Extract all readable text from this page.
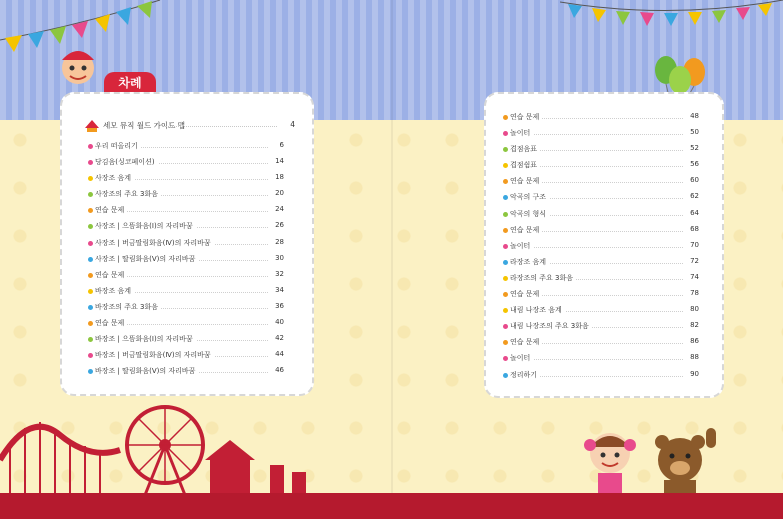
차례
세모 뮤직 월드 가이드 맵	4
우리 떠올리기	6
당김음(싱코페이션)	14
사장조 음계	18
사장조의 주요 3화음	20
연습 문제	24
사장조 | 으뜸화음(Ⅰ)의 자리바꿈	26
사장조 | 버금딸림화음(Ⅳ)의 자리바꿈	28
사장조 | 딸림화음(Ⅴ)의 자리바꿈	30
연습 문제	32
바장조 음계	34
바장조의 주요 3화음	36
연습 문제	40
바장조 | 으뜸화음(Ⅰ)의 자리바꿈	42
바장조 | 버금딸림화음(Ⅳ)의 자리바꿈	44
바장조 | 딸림화음(Ⅴ)의 자리바꿈	46
연습 문제	48
놀이터	50
겹점음표	52
겹점쉼표	56
연습 문제	60
악곡의 구조	62
악곡의 형식	64
연습 문제	68
놀이터	70
라장조 음계	72
라장조의 주요 3화음	74
연습 문제	78
내림 나장조 음계	80
내림 나장조의 주요 3화음	82
연습 문제	86
놀이터	88
정리하기	90
